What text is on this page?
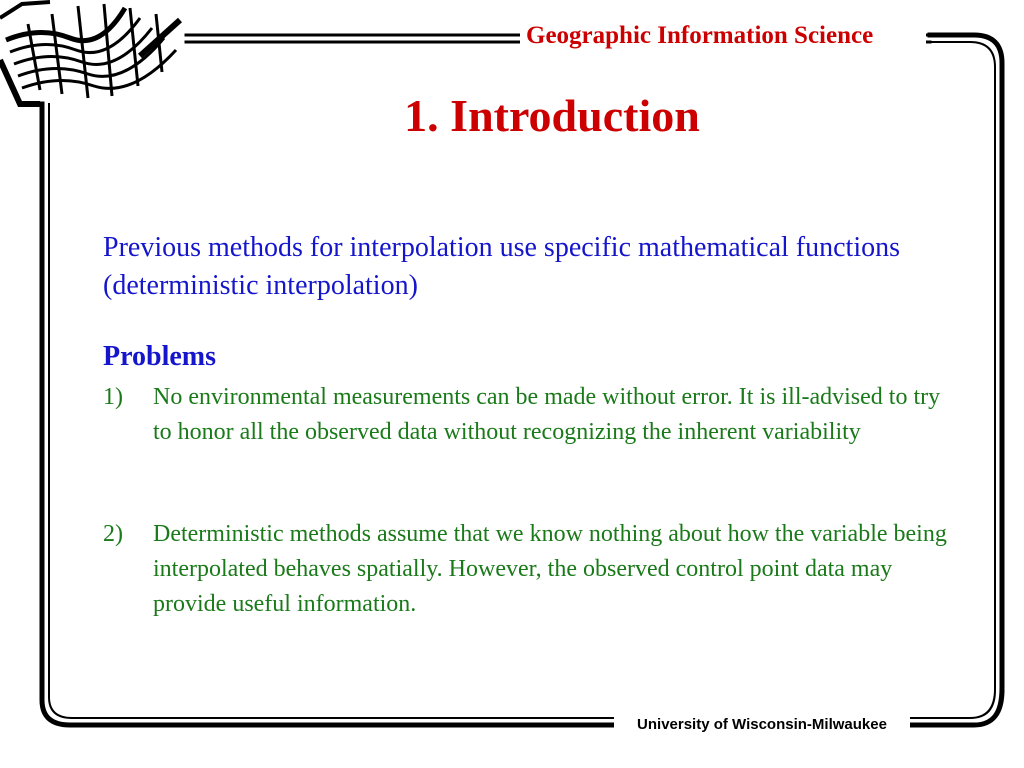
Geographic Information Science
1. Introduction
Previous methods for interpolation use specific mathematical functions (deterministic interpolation)
Problems
1) No environmental measurements can be made without error. It is ill-advised to try to honor all the observed data without recognizing the inherent variability
2) Deterministic methods assume that we know nothing about how the variable being interpolated behaves spatially. However, the observed control point data may provide useful information.
University of Wisconsin-Milwaukee
